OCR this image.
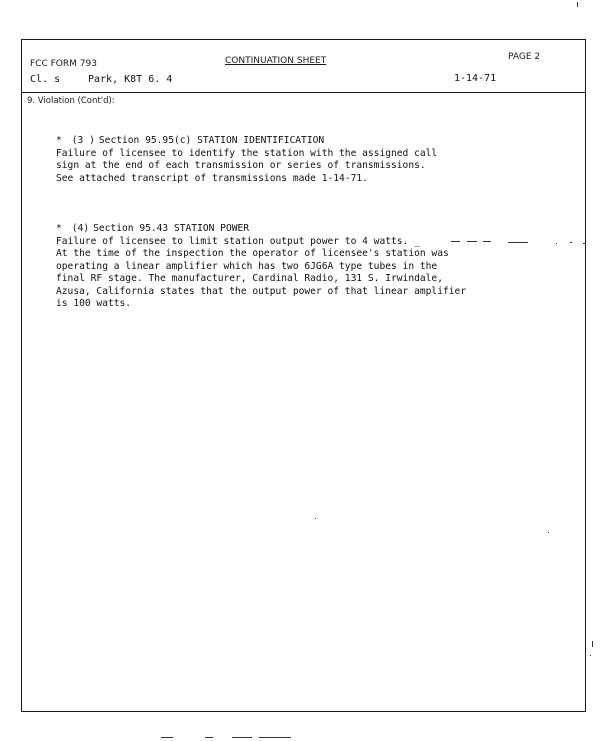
FCC FORM 793	CONTINUATION SHEET	PAGE 2
Cl. s	Park, K8T 6. 4	1-14-71
9. Violation (Cont'd):
* (3 ) Section 95.95(c) STATION IDENTIFICATION
Failure of licensee to identify the station with the assigned call
sign at the end of each transmission or series of transmissions.
See attached transcript of transmissions made 1-14-71.
* (4) Section 95.43 STATION POWER
Failure of licensee to limit station output power to 4 watts. _
At the time of the inspection the operator of licensee's station was
operating a linear amplifier which has two 6JG6A type tubes in the
final RF stage. The manufacturer, Cardinal Radio, 131 S. Irwindale,
Azusa, California states that the output power of that linear amplifier
is 100 watts.
